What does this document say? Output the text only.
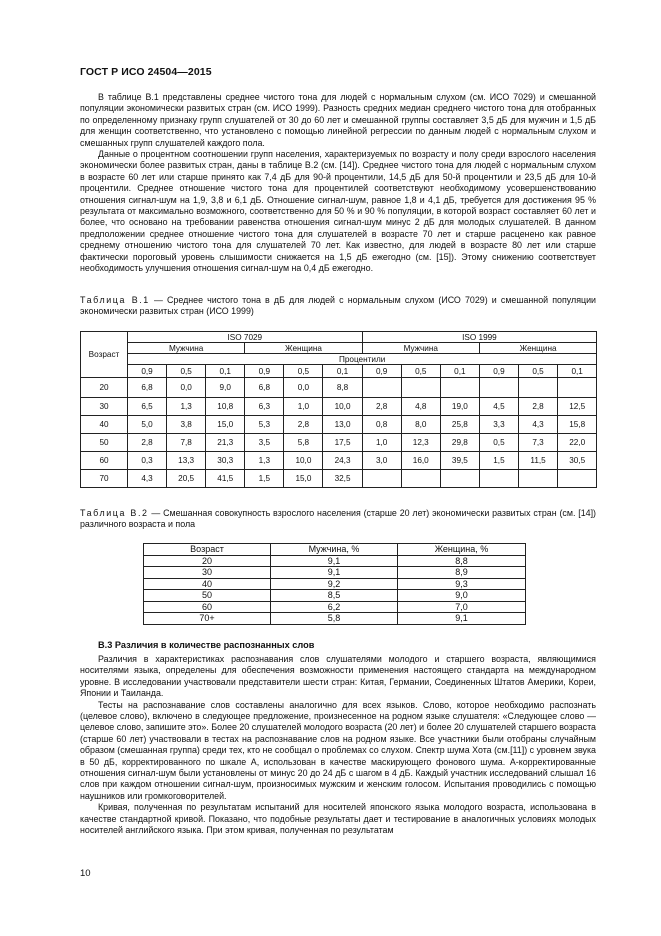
ГОСТ Р ИСО 24504—2015

В таблице В.1 представлены среднее чистого тона для людей с нормальным слухом (см. ИСО 7029) и смешанной популяции экономически развитых стран (см. ИСО 1999). Разность средних медиан среднего чистого тона для отобранных по определенному признаку групп слушателей от 30 до 60 лет и смешанной группы составляет 3,5 дБ для мужчин и 1,5 дБ для женщин соответственно, что установлено с помощью линейной регрессии по данным людей с нормальным слухом и смешанных групп слушателей каждого пола.

Данные о процентном соотношении групп населения, характеризуемых по возрасту и полу среди взрослого населения экономически более развитых стран, даны в таблице В.2 (см. [14]). Среднее чистого тона для людей с нормальным слухом в возрасте 60 лет или старше принято как 7,4 дБ для 90-й процентили, 14,5 дБ для 50-й процентили и 23,5 дБ для 10-й процентили. Среднее отношение чистого тона для процентилей соответствуют необходимому усовершенствованию отношения сигнал-шум на 1,9, 3,8 и 6,1 дБ. Отношение сигнал-шум, равное 1,8 и 4,1 дБ, требуется для достижения 95 % результата от максимально возможного, соответственно для 50 % и 90 % популяции, в которой возраст составляет 60 лет и более, что основано на требовании равенства отношения сигнал-шум минус 2 дБ для молодых слушателей. В данном предположении среднее отношение чистого тона для слушателей в возрасте 70 лет и старше расценено как равное среднему отношению чистого тона для слушателей 70 лет. Как известно, для людей в возрасте 80 лет или старше фактически пороговый уровень слышимости снижается на 1,5 дБ ежегодно (см. [15]). Этому снижению соответствует необходимость улучшения отношения сигнал-шум на 0,4 дБ ежегодно.

Таблица В.1 — Среднее чистого тона в дБ для людей с нормальным слухом (ИСО 7029) и смешанной популяции экономически развитых стран (ИСО 1999)
Возраст	ISO 7029						ISO 1999					
	Мужчина			Женщина			Мужчина			Женщина		
	Процентили											
	0,9	0,5	0,1	0,9	0,5	0,1	0,9	0,5	0,1	0,9	0,5	0,1
20	6,8	0,0	9,0	6,8	0,0	8,8						
30	6,5	1,3	10,8	6,3	1,0	10,0	2,8	4,8	19,0	4,5	2,8	12,5
40	5,0	3,8	15,0	5,3	2,8	13,0	0,8	8,0	25,8	3,3	4,3	15,8
50	2,8	7,8	21,3	3,5	5,8	17,5	1,0	12,3	29,8	0,5	7,3	22,0
60	0,3	13,3	30,3	1,3	10,0	24,3	3,0	16,0	39,5	1,5	11,5	30,5
70	4,3	20,5	41,5	1,5	15,0	32,5						
Таблица В.2 — Смешанная совокупность взрослого населения (старше 20 лет) экономически развитых стран (см. [14]) различного возраста и пола
Возраст	Мужчина, %	Женщина, %
20	9,1	8,8
30	9,1	8,9
40	9,2	9,3
50	8,5	9,0
60	6,2	7,0
70+	5,8	9,1
В.3 Различия в количестве распознанных слов

Различия в характеристиках распознавания слов слушателями молодого и старшего возраста, являющимися носителями языка, определены для обеспечения возможности применения настоящего стандарта на международном уровне. В исследовании участвовали представители шести стран: Китая, Германии, Соединенных Штатов Америки, Кореи, Японии и Таиланда.

Тесты на распознавание слов составлены аналогично для всех языков. Слово, которое необходимо распознать (целевое слово), включено в следующее предложение, произнесенное на родном языке слушателя: «Следующее слово — целевое слово, запишите это». Более 20 слушателей молодого возраста (20 лет) и более 20 слушателей старшего возраста (старше 60 лет) участвовали в тестах на распознавание слов на родном языке. Все участники были отобраны случайным образом (смешанная группа) среди тех, кто не сообщал о проблемах со слухом. Спектр шума Хота (см.[11]) с уровнем звука в 50 дБ, корректированного по шкале А, использован в качестве маскирующего фонового шума. А-корректированные отношения сигнал-шум были установлены от минус 20 до 24 дБ с шагом в 4 дБ. Каждый участник исследований слышал 16 слов при каждом отношении сигнал-шум, произносимых мужским и женским голосом. Испытания проводились с помощью наушников или громкоговорителей.

Кривая, полученная по результатам испытаний для носителей японского языка молодого возраста, использована в качестве стандартной кривой. Показано, что подобные результаты дает и тестирование в аналогичных условиях молодых носителей английского языка. При этом кривая, полученная по результатам

10
